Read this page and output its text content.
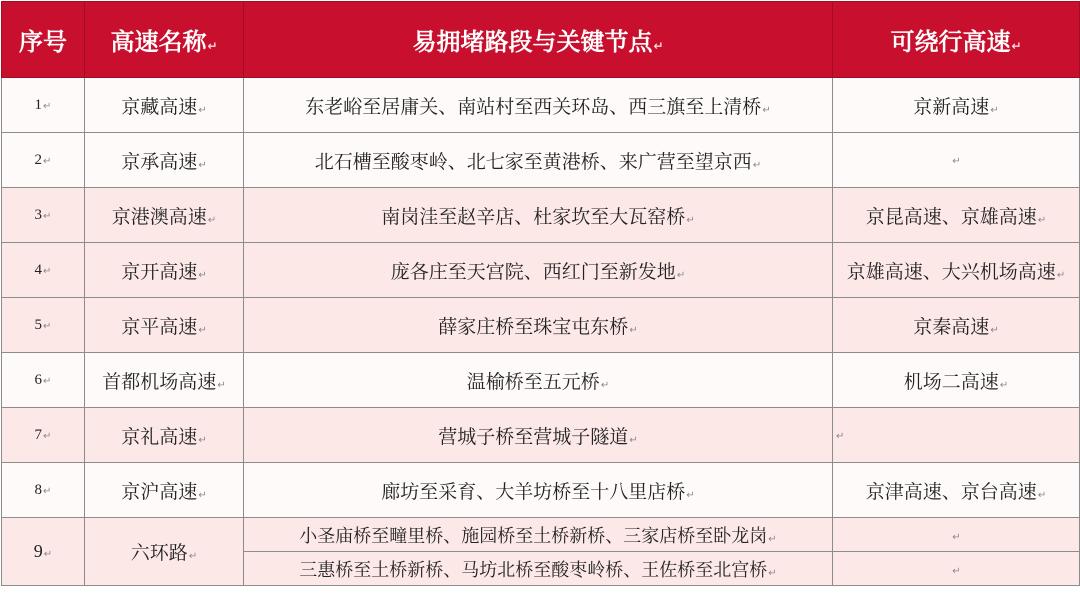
序号	高速名称↵	易拥堵路段与关键节点↵	可绕行高速↵
1↵	京藏高速↵	东老峪至居庸关、南站村至西关环岛、西三旗至上清桥↵	京新高速↵
2↵	京承高速↵	北石槽至酸枣岭、北七家至黄港桥、来广营至望京西↵	↵
3↵	京港澳高速↵	南岗洼至赵辛店、杜家坎至大瓦窑桥↵	京昆高速、京雄高速↵
4↵	京开高速↵	庞各庄至天宫院、西红门至新发地↵	京雄高速、大兴机场高速↵
5↵	京平高速↵	薛家庄桥至珠宝屯东桥↵	京秦高速↵
6↵	首都机场高速↵	温榆桥至五元桥↵	机场二高速↵
7↵	京礼高速↵	营城子桥至营城子隧道↵	↵
8↵	京沪高速↵	廊坊至采育、大羊坊桥至十八里店桥↵	京津高速、京台高速↵
9↵	六环路↵	小圣庙桥至疃里桥、施园桥至土桥新桥、三家店桥至卧龙岗↵	↵
		三惠桥至土桥新桥、马坊北桥至酸枣岭桥、王佐桥至北宫桥↵	↵
